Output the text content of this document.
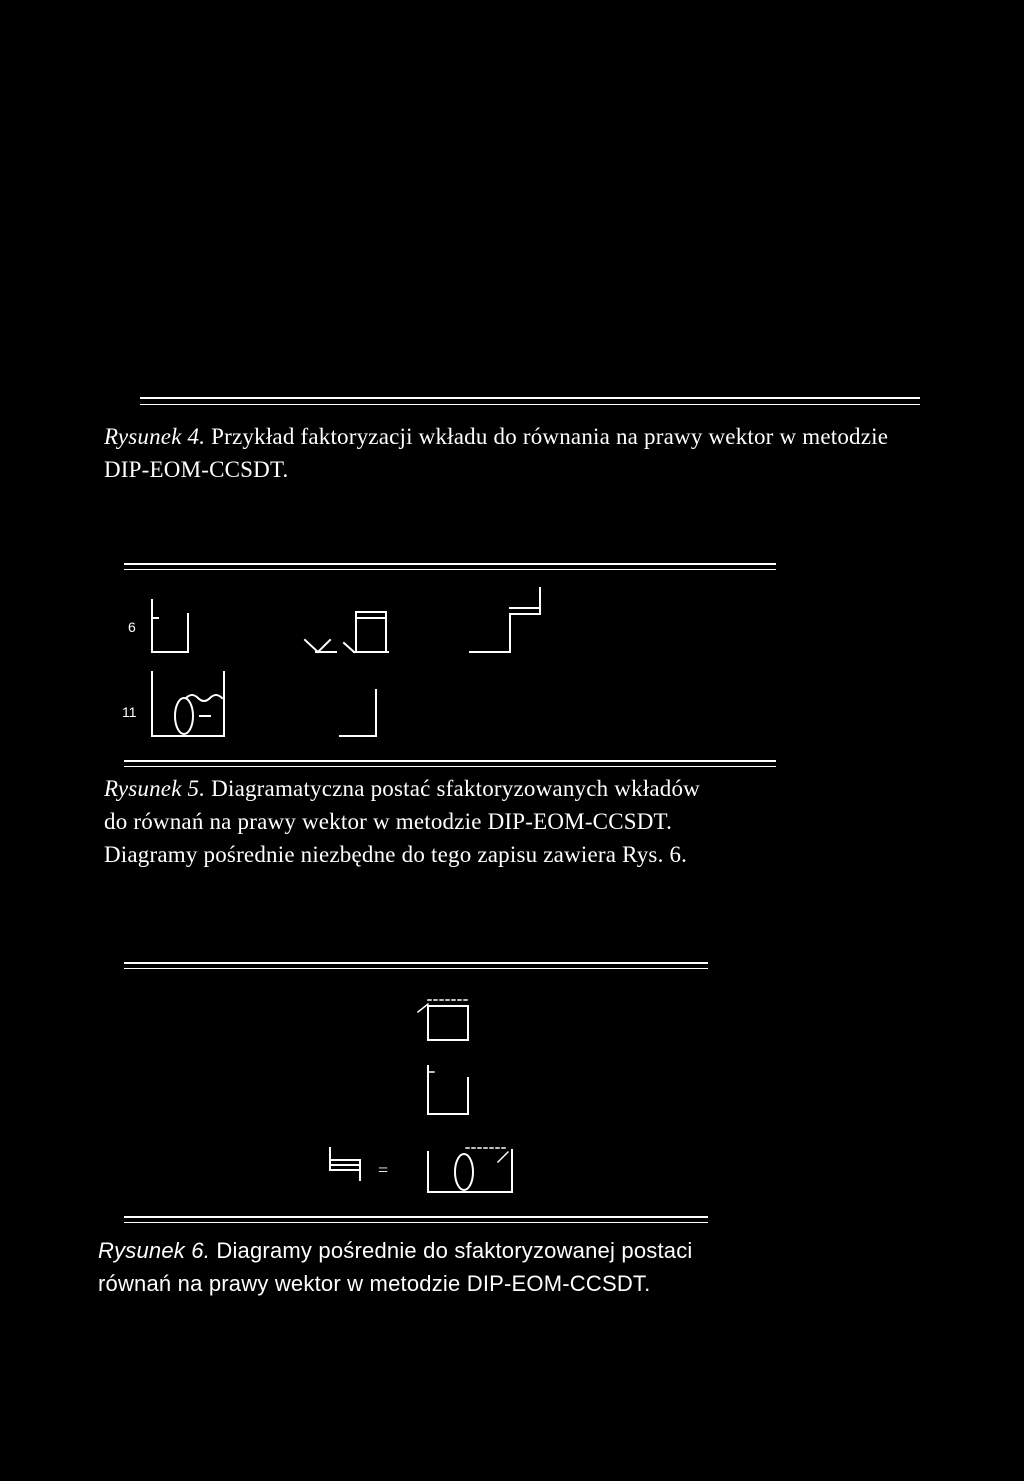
Rysunek 4. Przykład faktoryzacji wkładu do równania na prawy wektor w metodzie
DIP-EOM-CCSDT.

6
11

Rysunek 5. Diagramatyczna postać sfaktoryzowanych wkładów
do równań na prawy wektor w metodzie DIP-EOM-CCSDT.
Diagramy pośrednie niezbędne do tego zapisu zawiera Rys. 6.

=

Rysunek 6. Diagramy pośrednie do sfaktoryzowanej postaci
równań na prawy wektor w metodzie DIP-EOM-CCSDT.
